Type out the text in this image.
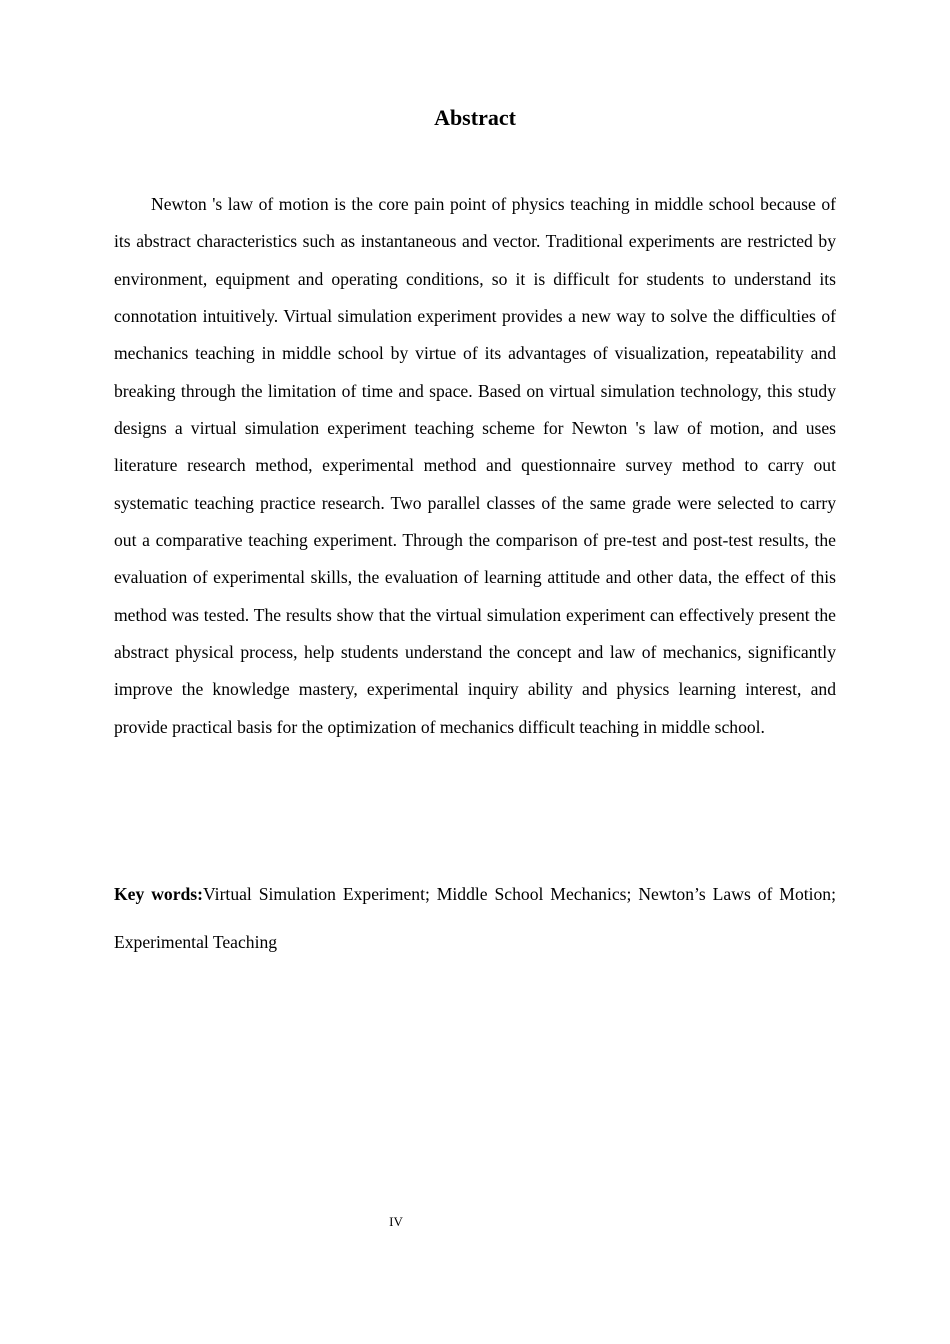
Abstract

Newton 's law of motion is the core pain point of physics teaching in middle school because of its abstract characteristics such as instantaneous and vector. Traditional experiments are restricted by environment, equipment and operating conditions, so it is difficult for students to understand its connotation intuitively. Virtual simulation experiment provides a new way to solve the difficulties of mechanics teaching in middle school by virtue of its advantages of visualization, repeatability and breaking through the limitation of time and space. Based on virtual simulation technology, this study designs a virtual simulation experiment teaching scheme for Newton 's law of motion, and uses literature research method, experimental method and questionnaire survey method to carry out systematic teaching practice research. Two parallel classes of the same grade were selected to carry out a comparative teaching experiment. Through the comparison of pre-test and post-test results, the evaluation of experimental skills, the evaluation of learning attitude and other data, the effect of this method was tested. The results show that the virtual simulation experiment can effectively present the abstract physical process, help students understand the concept and law of mechanics, significantly improve the knowledge mastery, experimental inquiry ability and physics learning interest, and provide practical basis for the optimization of mechanics difficult teaching in middle school.

Key words:Virtual Simulation Experiment; Middle School Mechanics; Newton’s Laws of Motion; Experimental Teaching

IV
